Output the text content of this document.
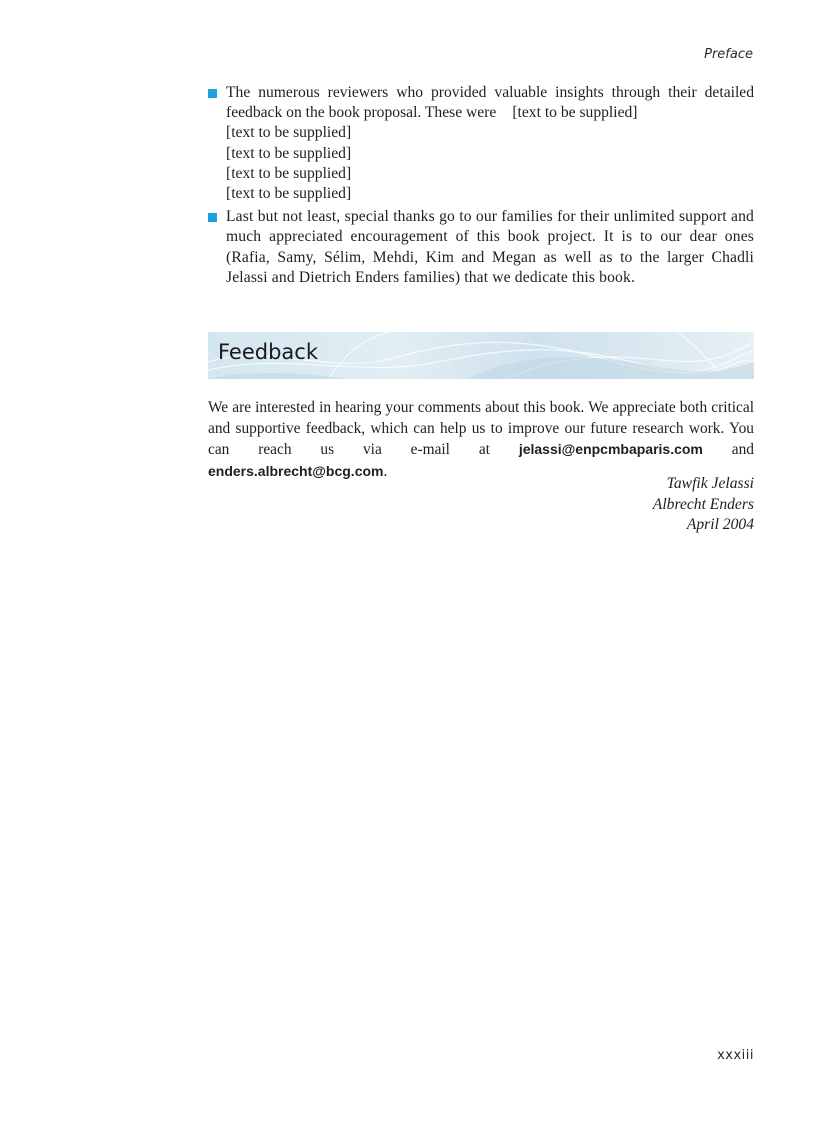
Preface

The numerous reviewers who provided valuable insights through their detailed feedback on the book proposal. These were [text to be supplied]

[text to be supplied]
[text to be supplied]
[text to be supplied]
[text to be supplied]

Last but not least, special thanks go to our families for their unlimited support and much appreciated encouragement of this book project. It is to our dear ones (Rafia, Samy, Sélim, Mehdi, Kim and Megan as well as to the larger Chadli Jelassi and Dietrich Enders families) that we dedicate this book.

Feedback

We are interested in hearing your comments about this book. We appreciate both critical and supportive feedback, which can help us to improve our future research work. You can reach us via e-mail at jelassi@enpcmbaparis.com and enders.albrecht@bcg.com.

Tawfik Jelassi
Albrecht Enders
April 2004
xxxiii
